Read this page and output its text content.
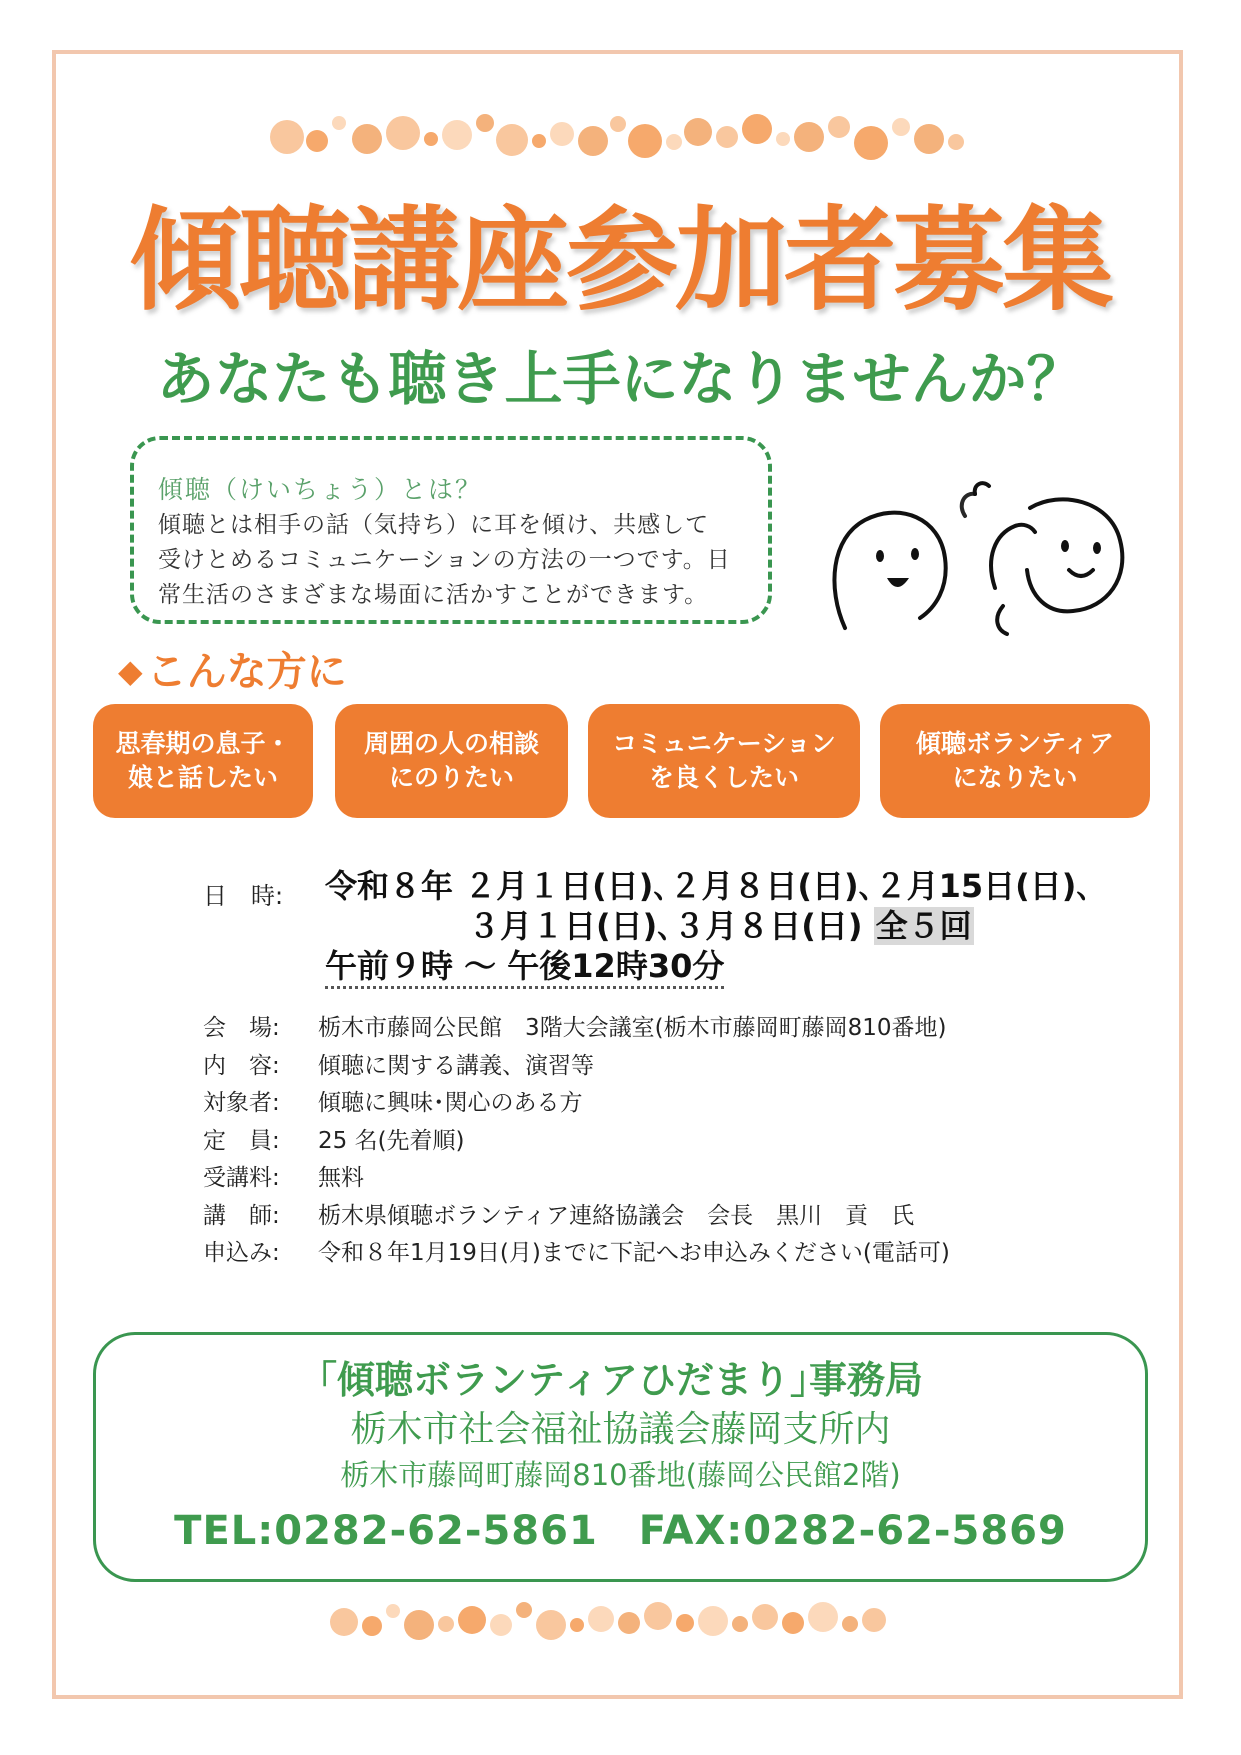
傾聴講座参加者募集
あなたも聴き上手になりませんか？
傾聴（けいちょう）とは？
傾聴とは相手の話（気持ち）に耳を傾け、共感して
受けとめるコミュニケーションの方法の一つです。日
常生活のさまざまな場面に活かすことができます。
◆ こんな方に
思春期の息子・
娘と話したい
周囲の人の相談
にのりたい
コミュニケーション
を良くしたい
傾聴ボランティア
になりたい
日　時: 令和８年 ２月１日(日)､２月８日(日)､２月15日(日)､
３月１日(日)､３月８日(日) 全５回
午前９時 ～ 午後12時30分
会　場: 栃木市藤岡公民館　3階大会議室(栃木市藤岡町藤岡810番地)
内　容: 傾聴に関する講義、演習等
対象者: 傾聴に興味･関心のある方
定　員: 25 名(先着順)
受講料: 無料
講　師: 栃木県傾聴ボランティア連絡協議会　会長　黒川　貢　氏
申込み: 令和８年1月19日(月)までに下記へお申込みください(電話可)
｢傾聴ボランティアひだまり｣事務局
栃木市社会福祉協議会藤岡支所内
栃木市藤岡町藤岡810番地(藤岡公民館2階)
TEL:0282-62-5861　FAX:0282-62-5869
